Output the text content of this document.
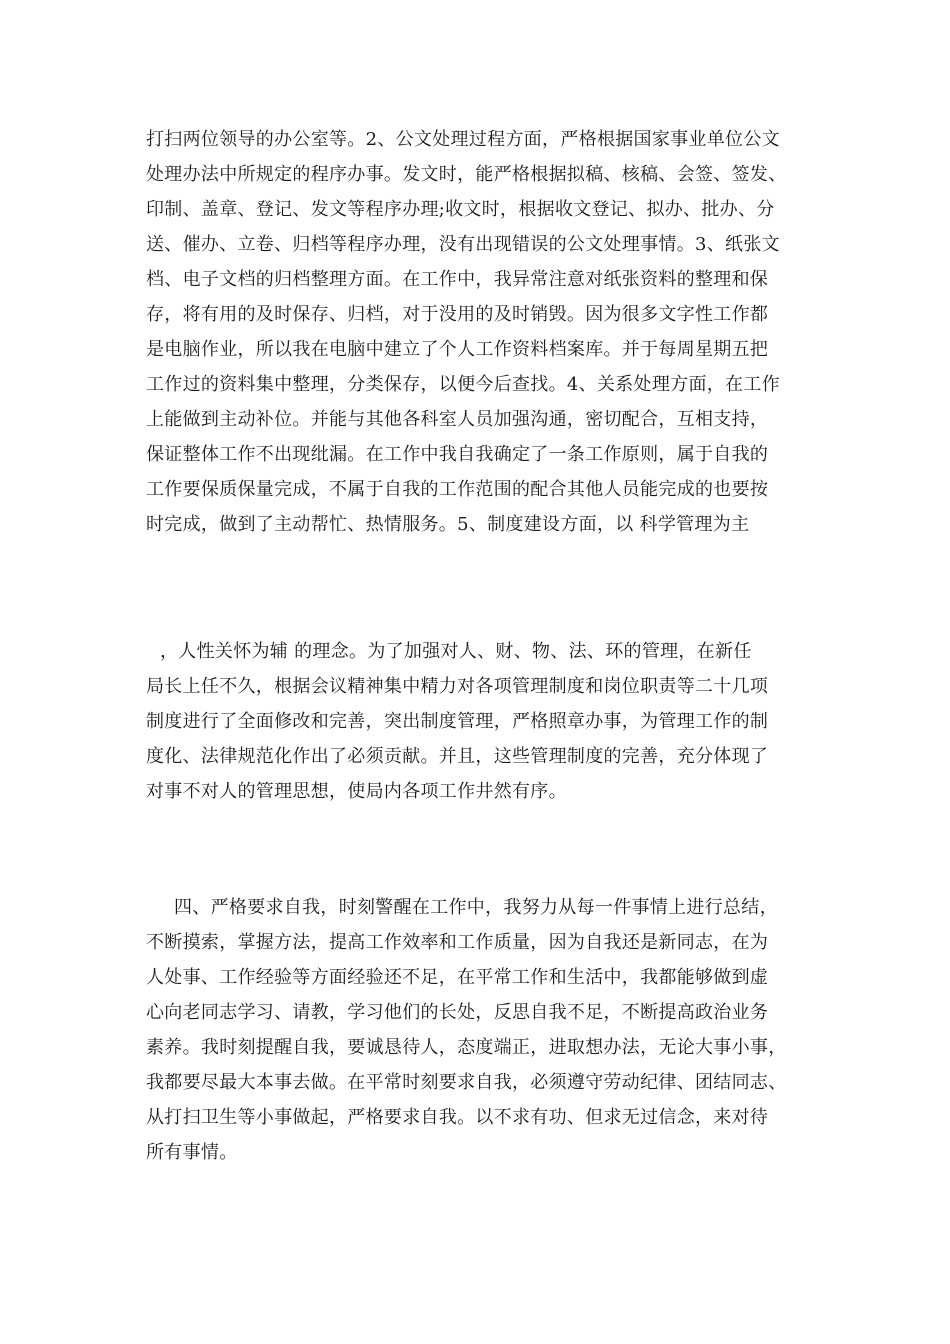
打扫两位领导的办公室等。2、公文处理过程方面，严格根据国家事业单位公文
处理办法中所规定的程序办事。发文时，能严格根据拟稿、核稿、会签、签发、
印制、盖章、登记、发文等程序办理;收文时，根据收文登记、拟办、批办、分
送、催办、立卷、归档等程序办理，没有出现错误的公文处理事情。3、纸张文
档、电子文档的归档整理方面。在工作中，我异常注意对纸张资料的整理和保
存，将有用的及时保存、归档，对于没用的及时销毁。因为很多文字性工作都
是电脑作业，所以我在电脑中建立了个人工作资料档案库。并于每周星期五把
工作过的资料集中整理，分类保存，以便今后查找。4、关系处理方面，在工作
上能做到主动补位。并能与其他各科室人员加强沟通，密切配合，互相支持，
保证整体工作不出现纰漏。在工作中我自我确定了一条工作原则，属于自我的
工作要保质保量完成，不属于自我的工作范围的配合其他人员能完成的也要按
时完成，做到了主动帮忙、热情服务。5、制度建设方面，以 科学管理为主
，人性关怀为辅 的理念。为了加强对人、财、物、法、环的管理，在新任
局长上任不久，根据会议精神集中精力对各项管理制度和岗位职责等二十几项
制度进行了全面修改和完善，突出制度管理，严格照章办事，为管理工作的制
度化、法律规范化作出了必须贡献。并且，这些管理制度的完善，充分体现了
对事不对人的管理思想，使局内各项工作井然有序。
四、严格要求自我，时刻警醒在工作中，我努力从每一件事情上进行总结，
不断摸索，掌握方法，提高工作效率和工作质量，因为自我还是新同志，在为
人处事、工作经验等方面经验还不足，在平常工作和生活中，我都能够做到虚
心向老同志学习、请教，学习他们的长处，反思自我不足，不断提高政治业务
素养。我时刻提醒自我，要诚恳待人，态度端正，进取想办法，无论大事小事，
我都要尽最大本事去做。在平常时刻要求自我，必须遵守劳动纪律、团结同志、
从打扫卫生等小事做起，严格要求自我。以不求有功、但求无过信念，来对待
所有事情。
